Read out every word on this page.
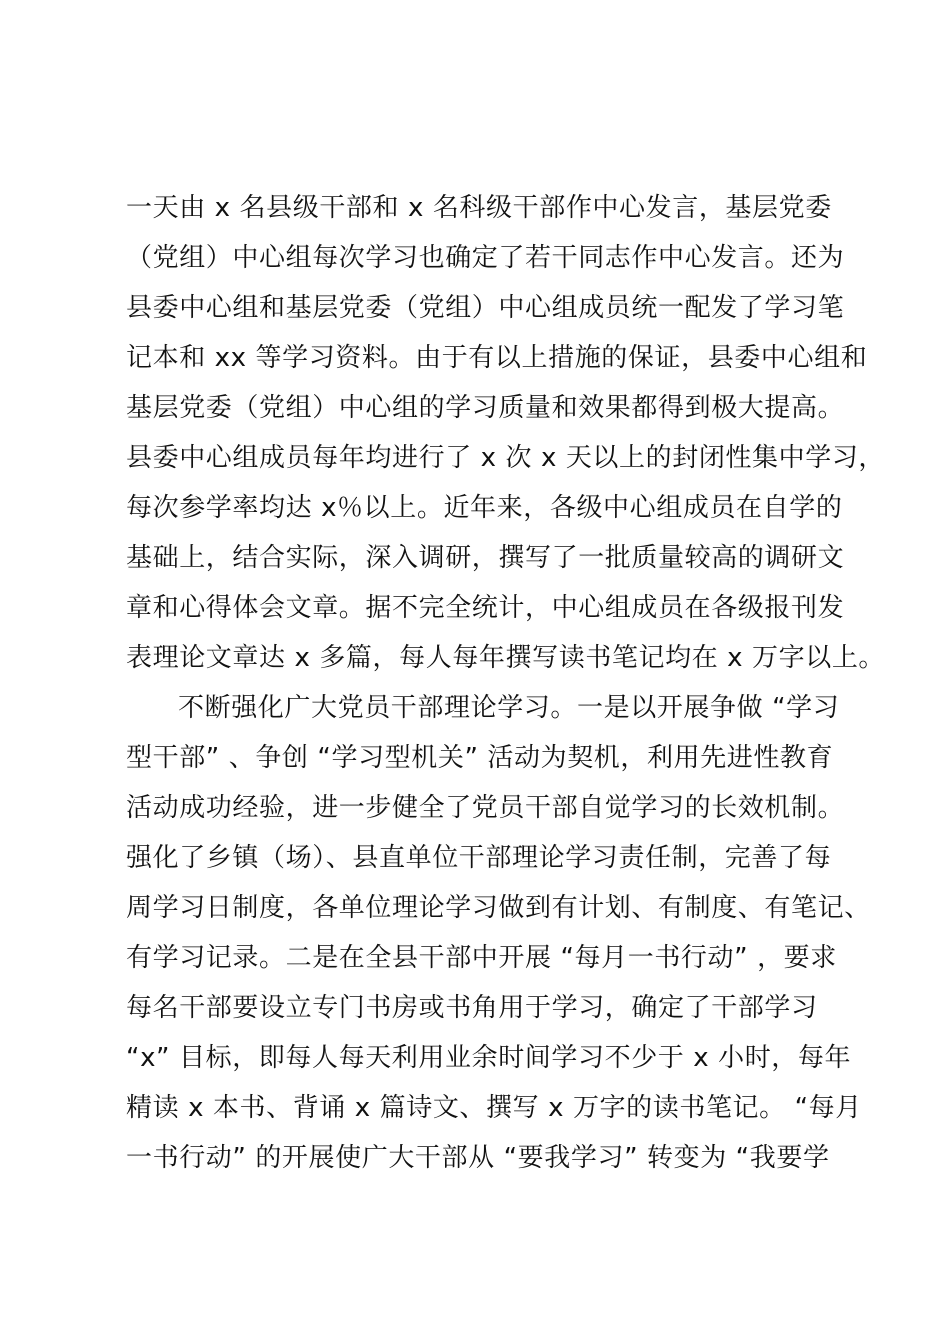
一天由 x 名县级干部和 x 名科级干部作中心发言，基层党委
（党组）中心组每次学习也确定了若干同志作中心发言。还为
县委中心组和基层党委（党组）中心组成员统一配发了学习笔
记本和 xx 等学习资料。由于有以上措施的保证，县委中心组和
基层党委（党组）中心组的学习质量和效果都得到极大提高。
县委中心组成员每年均进行了 x 次 x 天以上的封闭性集中学习，
每次参学率均达 x％以上。近年来，各级中心组成员在自学的
基础上，结合实际，深入调研，撰写了一批质量较高的调研文
章和心得体会文章。据不完全统计，中心组成员在各级报刊发
表理论文章达 x 多篇，每人每年撰写读书笔记均在 x 万字以上。
不断强化广大党员干部理论学习。一是以开展争做 “学习
型干部” 、争创 “学习型机关” 活动为契机，利用先进性教育
活动成功经验，进一步健全了党员干部自觉学习的长效机制。
强化了乡镇（场）、县直单位干部理论学习责任制，完善了每
周学习日制度，各单位理论学习做到有计划、有制度、有笔记、
有学习记录。二是在全县干部中开展 “每月一书行动” ，要求
每名干部要设立专门书房或书角用于学习，确定了干部学习
“x” 目标，即每人每天利用业余时间学习不少于 x 小时，每年
精读 x 本书、背诵 x 篇诗文、撰写 x 万字的读书笔记。 “每月
一书行动” 的开展使广大干部从 “要我学习” 转变为 “我要学
